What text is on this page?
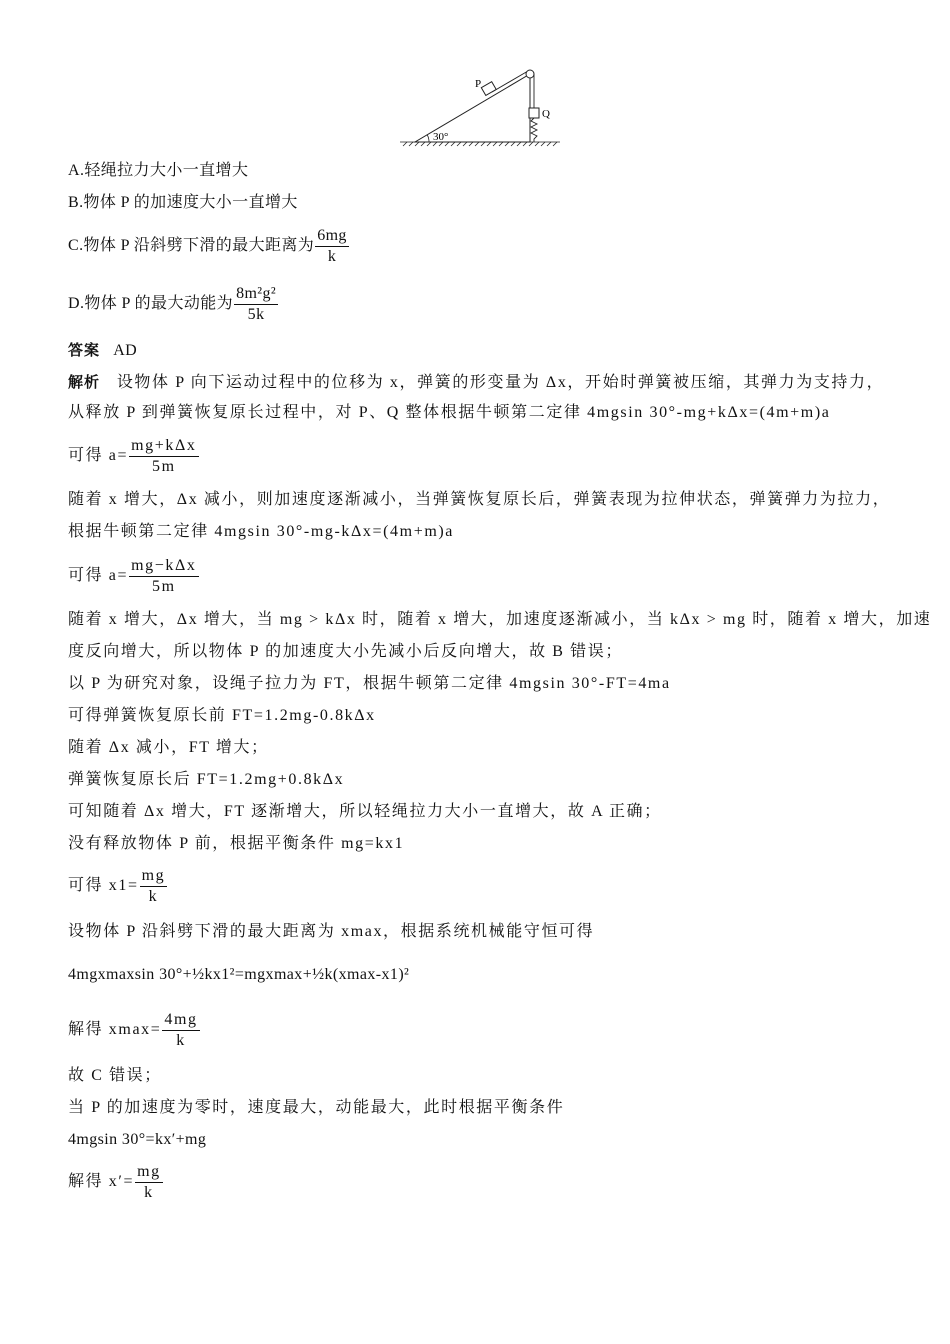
30°
P
Q
A.轻绳拉力大小一直增大
B.物体 P 的加速度大小一直增大
C.物体 P 沿斜劈下滑的最大距离为 $\frac{6mg}{k}$
D.物体 P 的最大动能为 $\frac{\text{8m²g²}}{5k}$
答案 AD
解析 设物体 P 向下运动过程中的位移为 x，弹簧的形变量为 Δx，开始时弹簧被压缩，其弹力为支持力，
从释放 P 到弹簧恢复原长过程中，对 P、Q 整体根据牛顿第二定律 4mgsin 30°-mg+kΔx=(4m+m)a
可得 $a= \frac{\text{mg+kΔx}}{5m}$
随着 x 增大，Δx 减小，则加速度逐渐减小，当弹簧恢复原长后，弹簧表现为拉伸状态，弹簧弹力为拉力，
根据牛顿第二定律 4mgsin 30°-mg-kΔx=(4m+m)a
可得 $a= \frac{\text{mg−kΔx}}{5m}$
随着 x 增大，Δx 增大，当 mg > kΔx 时，随着 x 增大，加速度逐渐减小，当 kΔx > mg 时，随着 x 增大，加速
度反向增大，所以物体 P 的加速度大小先减小后反向增大，故 B 错误；
以 P 为研究对象，设绳子拉力为 FT，根据牛顿第二定律 4mgsin 30°-FT=4ma
可得弹簧恢复原长前 FT=1.2mg-0.8kΔx
随着 Δx 减小，FT 增大；
弹簧恢复原长后 FT=1.2mg+0.8kΔx
可知随着 Δx 增大，FT 逐渐增大，所以轻绳拉力大小一直增大，故 A 正确；
没有释放物体 P 前，根据平衡条件 mg=kx1
可得 $x1= \frac{mg}{k}$
设物体 P 沿斜劈下滑的最大距离为 xmax，根据系统机械能守恒可得
4mgxmaxsin 30°+½kx1²=mgxmax+½k(xmax-x1)²
解得 $xmax= \frac{4mg}{k}$
故 C 错误；
当 P 的加速度为零时，速度最大，动能最大，此时根据平衡条件
4mgsin 30°=kx′+mg
解得 $x'= \frac{mg}{k}$
